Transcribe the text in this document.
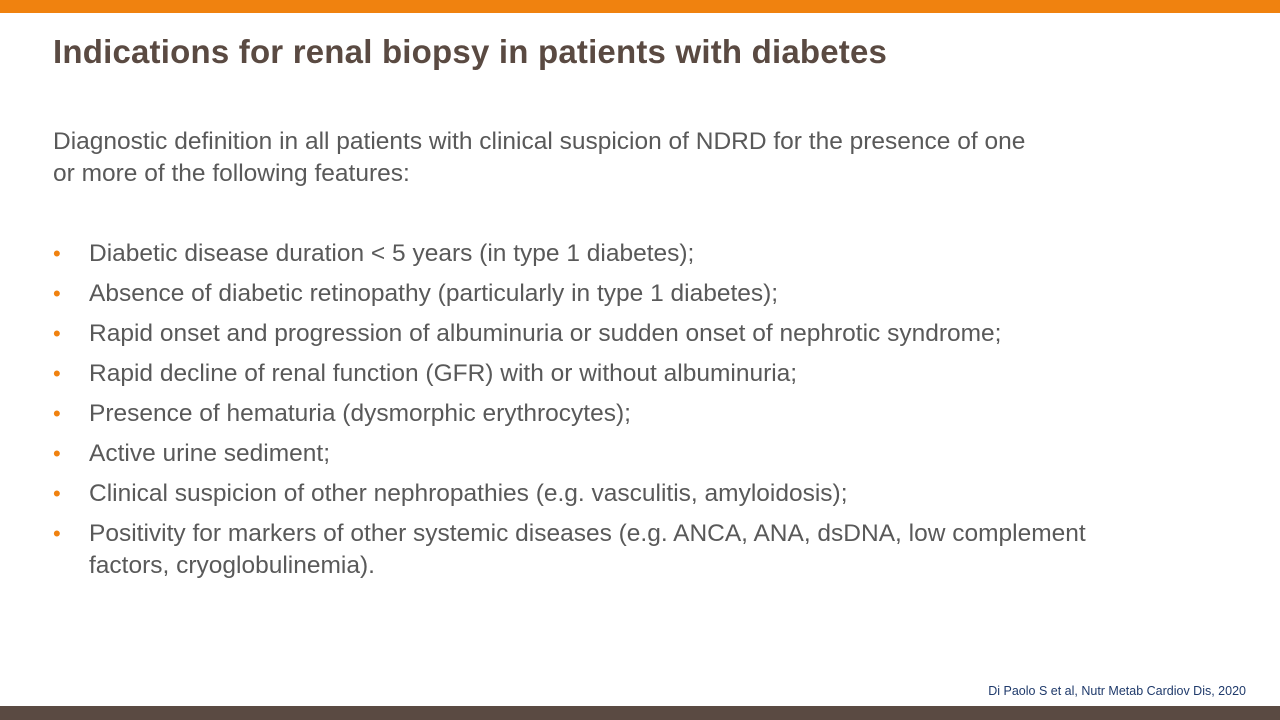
Indications for renal biopsy in patients with diabetes

Diagnostic definition in all patients with clinical suspicion of NDRD for the presence of one or more of the following features:

• Diabetic disease duration < 5 years (in type 1 diabetes);
• Absence of diabetic retinopathy (particularly in type 1 diabetes);
• Rapid onset and progression of albuminuria or sudden onset of nephrotic syndrome;
• Rapid decline of renal function (GFR) with or without albuminuria;
• Presence of hematuria (dysmorphic erythrocytes);
• Active urine sediment;
• Clinical suspicion of other nephropathies (e.g. vasculitis, amyloidosis);
• Positivity for markers of other systemic diseases (e.g. ANCA, ANA, dsDNA, low complement factors, cryoglobulinemia).
Di Paolo S et al, Nutr Metab Cardiov Dis, 2020
